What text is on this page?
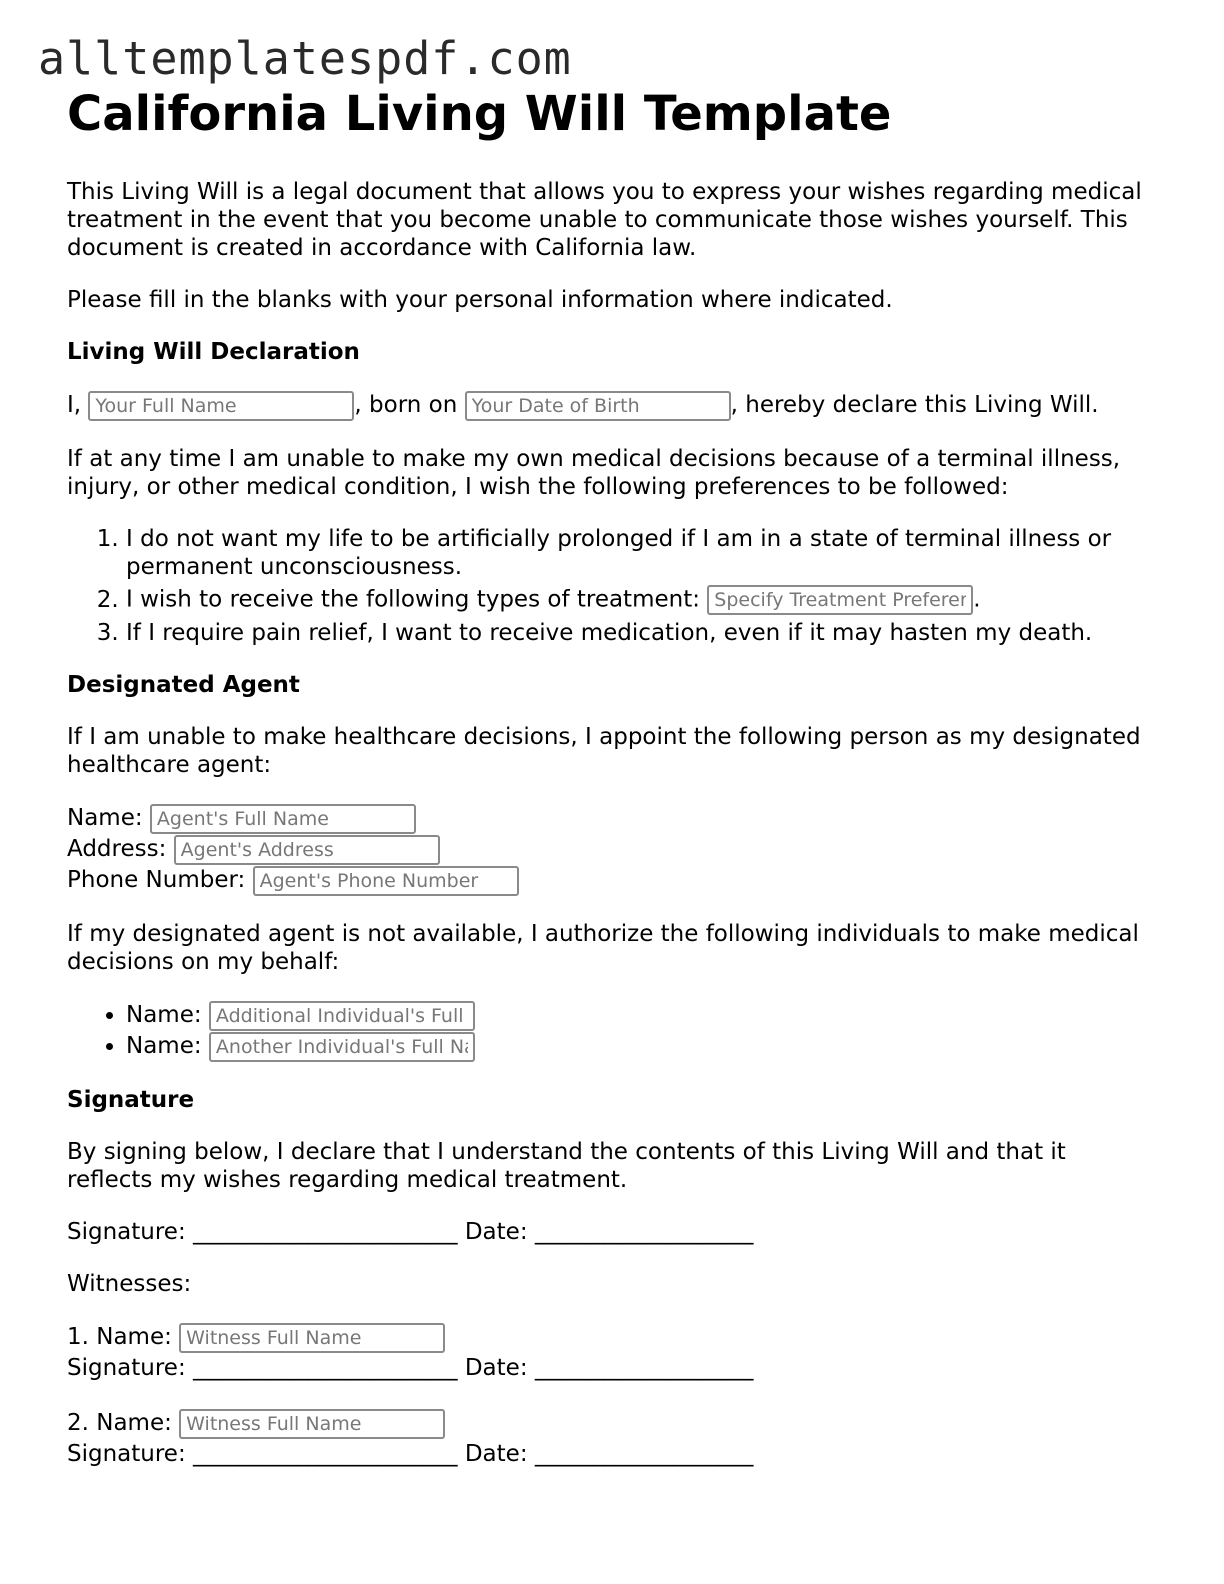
alltemplatespdf.com
California Living Will Template

This Living Will is a legal document that allows you to express your wishes regarding medical treatment in the event that you become unable to communicate those wishes yourself. This document is created in accordance with California law.

Please fill in the blanks with your personal information where indicated.

Living Will Declaration

I, Your Full Name	, born on Your Date of Birth	, hereby declare this Living Will.

If at any time I am unable to make my own medical decisions because of a terminal illness, injury, or other medical condition, I wish the following preferences to be followed:

1. I do not want my life to be artificially prolonged if I am in a state of terminal illness or permanent unconsciousness.
2. I wish to receive the following types of treatment: Specify Treatment Preferences	.
3. If I require pain relief, I want to receive medication, even if it may hasten my death.
Designated Agent

If I am unable to make healthcare decisions, I appoint the following person as my designated healthcare agent:

Name: Agent's Full Name
Address: Agent's Address
Phone Number: Agent's Phone Number

If my designated agent is not available, I authorize the following individuals to make medical decisions on my behalf:

• Name: Additional Individual's Full Name
• Name: Another Individual's Full Name
Signature

By signing below, I declare that I understand the contents of this Living Will and that it reflects my wishes regarding medical treatment.

Signature: _______________________ Date: ___________________

Witnesses:

1. Name: Witness Full Name
Signature: _______________________ Date: ___________________
2. Name: Witness Full Name
Signature: _______________________ Date: ___________________
